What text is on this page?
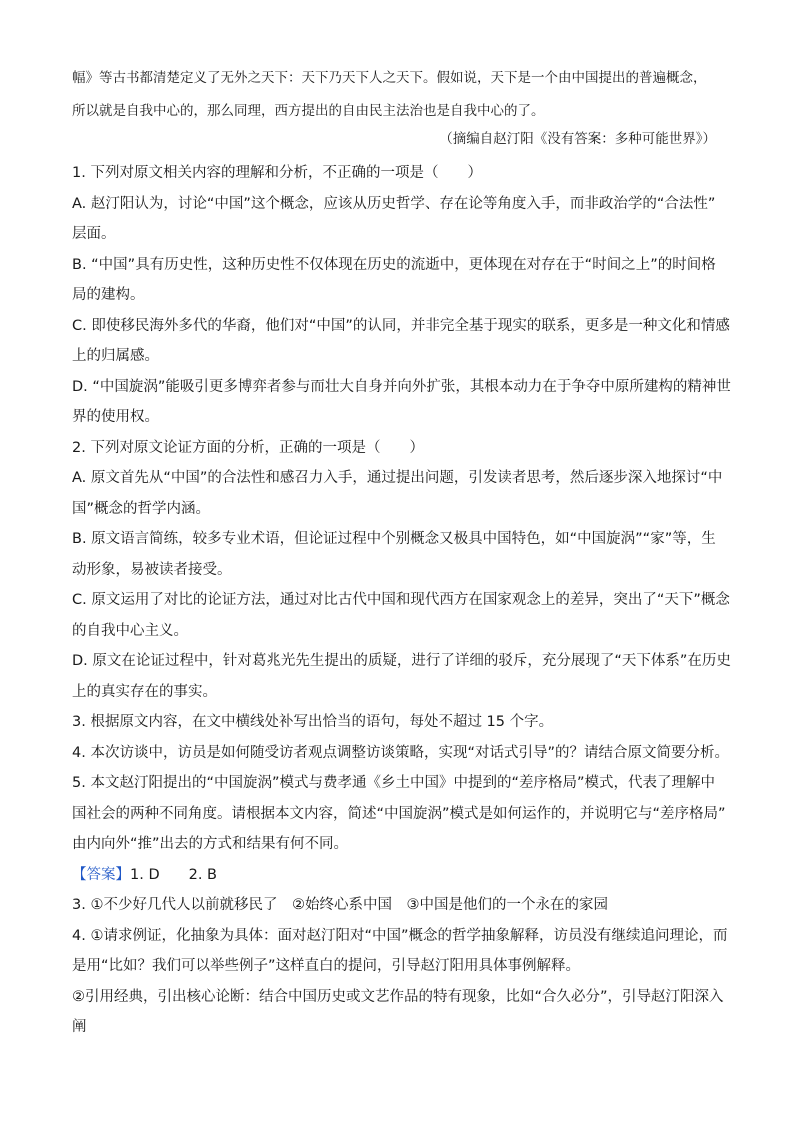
幅》等古书都清楚定义了无外之天下：天下乃天下人之天下。假如说，天下是一个由中国提出的普遍概念，
所以就是自我中心的，那么同理，西方提出的自由民主法治也是自我中心的了。
（摘编自赵汀阳《没有答案：多种可能世界》）

1. 下列对原文相关内容的理解和分析，不正确的一项是（　　）

A. 赵汀阳认为，讨论“中国”这个概念，应该从历史哲学、存在论等角度入手，而非政治学的“合法性”

层面。

B. “中国”具有历史性，这种历史性不仅体现在历史的流逝中，更体现在对存在于“时间之上”的时间格

局的建构。

C. 即使移民海外多代的华裔，他们对“中国”的认同，并非完全基于现实的联系，更多是一种文化和情感

上的归属感。

D. “中国旋涡”能吸引更多博弈者参与而壮大自身并向外扩张，其根本动力在于争夺中原所建构的精神世

界的使用权。

2. 下列对原文论证方面的分析，正确的一项是（　　）

A. 原文首先从“中国”的合法性和感召力入手，通过提出问题，引发读者思考，然后逐步深入地探讨“中

国”概念的哲学内涵。

B. 原文语言简练，较多专业术语，但论证过程中个别概念又极具中国特色，如“中国旋涡”“家”等，生

动形象，易被读者接受。

C. 原文运用了对比的论证方法，通过对比古代中国和现代西方在国家观念上的差异，突出了“天下”概念

的自我中心主义。

D. 原文在论证过程中，针对葛兆光先生提出的质疑，进行了详细的驳斥，充分展现了“天下体系”在历史

上的真实存在的事实。

3. 根据原文内容，在文中横线处补写出恰当的语句，每处不超过 15 个字。

4. 本次访谈中，访员是如何随受访者观点调整访谈策略，实现“对话式引导”的？请结合原文简要分析。

5. 本文赵汀阳提出的“中国旋涡”模式与费孝通《乡土中国》中提到的“差序格局”模式，代表了理解中

国社会的两种不同角度。请根据本文内容，简述“中国旋涡”模式是如何运作的，并说明它与“差序格局”

由内向外“推”出去的方式和结果有何不同。

【答案】1. D　　2. B

3. ①不少好几代人以前就移民了　②始终心系中国　③中国是他们的一个永在的家园

4. ①请求例证，化抽象为具体：面对赵汀阳对“中国”概念的哲学抽象解释，访员没有继续追问理论，而

是用“比如？我们可以举些例子”这样直白的提问，引导赵汀阳用具体事例解释。

②引用经典，引出核心论断：结合中国历史或文艺作品的特有现象，比如“合久必分”，引导赵汀阳深入阐
